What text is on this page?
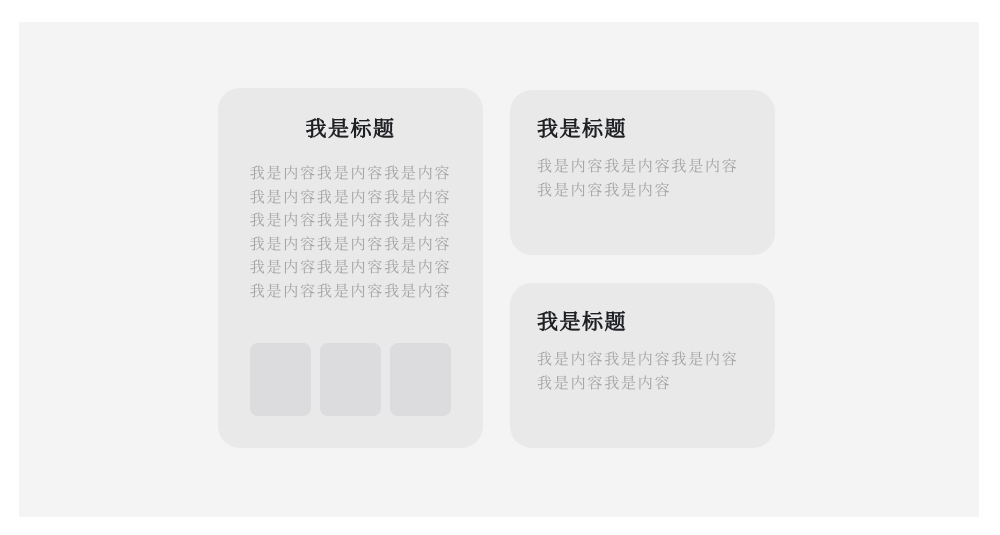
我是标题
我是内容我是内容我是内容
我是内容我是内容我是内容
我是内容我是内容我是内容
我是内容我是内容我是内容
我是内容我是内容我是内容
我是内容我是内容我是内容
我是标题
我是内容我是内容我是内容
我是内容我是内容
我是标题
我是内容我是内容我是内容
我是内容我是内容
